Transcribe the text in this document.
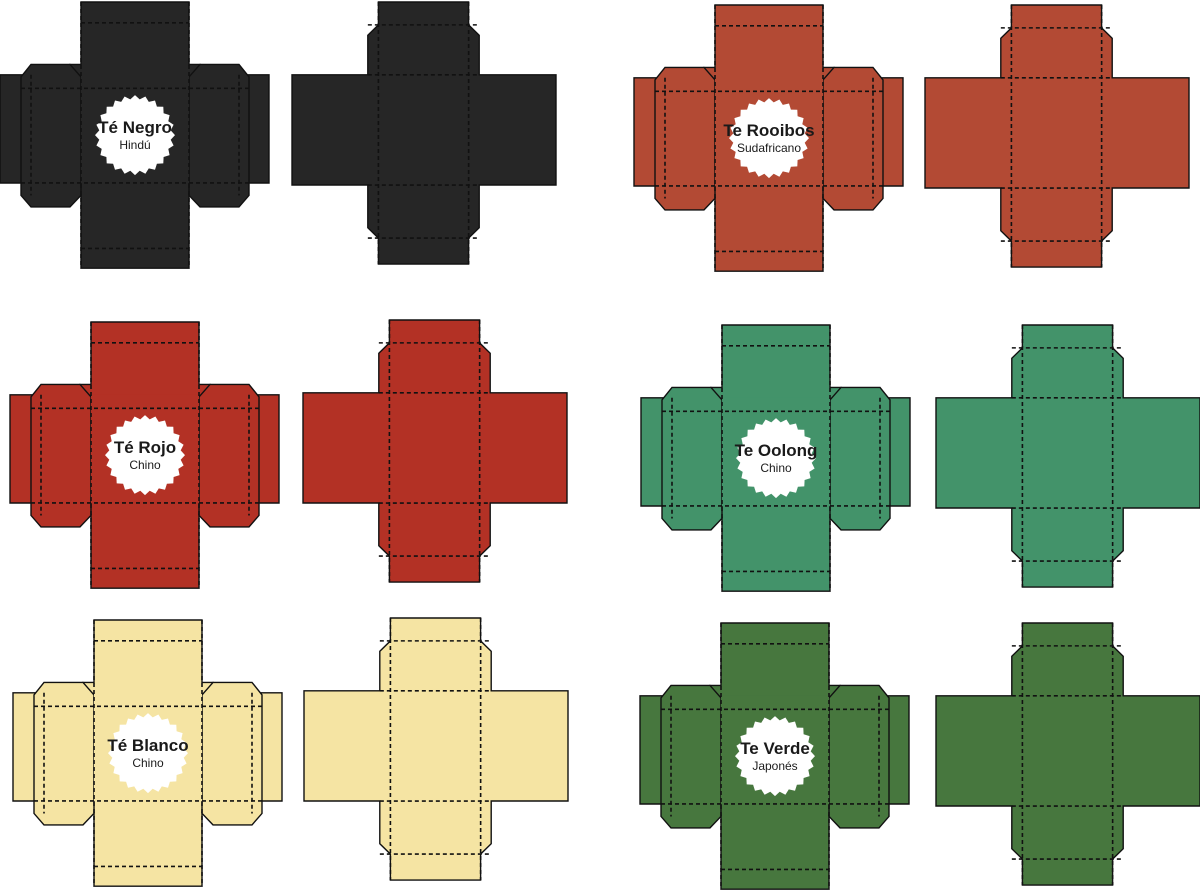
Té Negro
Hindú
Te Rooibos
Sudafricano
Té Rojo
Chino
Te Oolong
Chino
Té Blanco
Chino
Te Verde
Japonés
